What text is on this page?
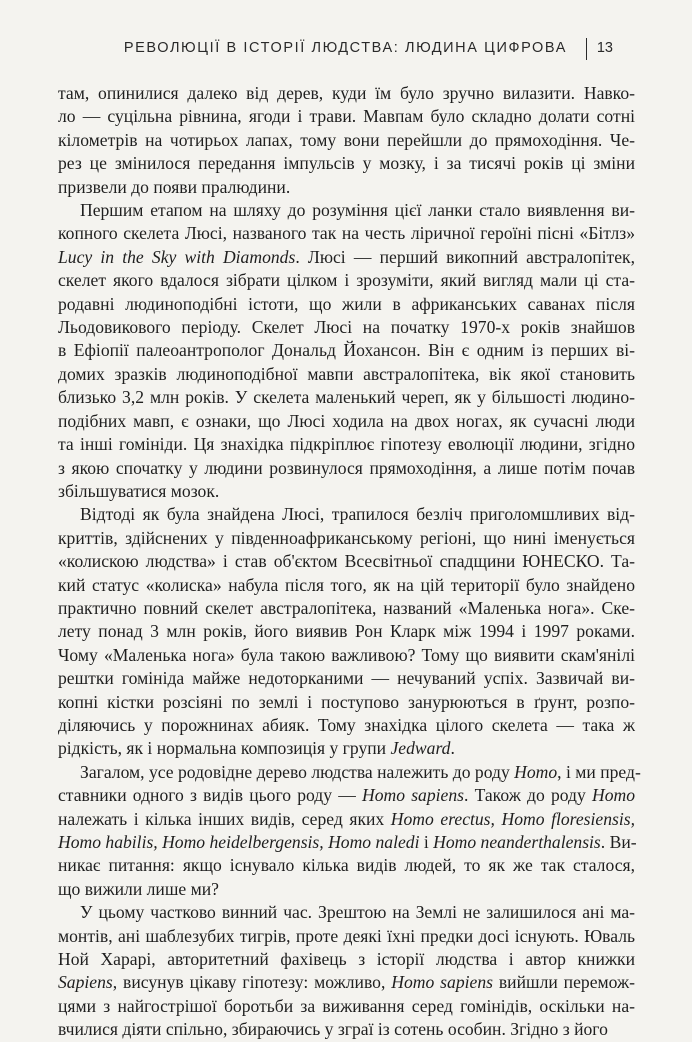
РЕВОЛЮЦІЇ В ІСТОРІЇ ЛЮДСТВА: ЛЮДИНА ЦИФРОВА 13

там, опинилися далеко від дерев, куди їм було зручно вилазити. Навко-
ло — суцільна рівнина, ягоди і трави. Мавпам було складно долати сотні
кілометрів на чотирьох лапах, тому вони перейшли до прямоходіння. Че-
рез це змінилося передання імпульсів у мозку, і за тисячі років ці зміни
призвели до появи пралюдини.

Першим етапом на шляху до розуміння цієї ланки стало виявлення ви-
копного скелета Люсі, названого так на честь ліричної героїні пісні «Бітлз»
Lucy in the Sky with Diamonds. Люсі — перший викопний австралопітек,
скелет якого вдалося зібрати цілком і зрозуміти, який вигляд мали ці ста-
родавні людиноподібні істоти, що жили в африканських саванах після
Льодовикового періоду. Скелет Люсі на початку 1970-х років знайшов
в Ефіопії палеоантрополог Дональд Йохансон. Він є одним із перших ві-
домих зразків людиноподібної мавпи австралопітека, вік якої становить
близько 3,2 млн років. У скелета маленький череп, як у більшості людино-
подібних мавп, є ознаки, що Люсі ходила на двох ногах, як сучасні люди
та інші гомініди. Ця знахідка підкріплює гіпотезу еволюції людини, згідно
з якою спочатку у людини розвинулося прямоходіння, а лише потім почав
збільшуватися мозок.

Відтоді як була знайдена Люсі, трапилося безліч приголомшливих від-
криттів, здійснених у південноафриканському регіоні, що нині іменується
«колискою людства» і став об'єктом Всесвітньої спадщини ЮНЕСКО. Та-
кий статус «колиска» набула після того, як на цій території було знайдено
практично повний скелет австралопітека, названий «Маленька нога». Ске-
лету понад 3 млн років, його виявив Рон Кларк між 1994 і 1997 роками.
Чому «Маленька нога» була такою важливою? Тому що виявити скам'янілі
рештки гомініда майже недоторканими — нечуваний успіх. Зазвичай ви-
копні кістки розсіяні по землі і поступово занурюються в ґрунт, розпо-
діляючись у порожнинах абияк. Тому знахідка цілого скелета — така ж
рідкість, як і нормальна композиція у групи Jedward.

Загалом, усе родовідне дерево людства належить до роду Homo, і ми пред-
ставники одного з видів цього роду — Homo sapiens. Також до роду Homo
належать і кілька інших видів, серед яких Homo erectus, Homo floresiensis,
Homo habilis, Homo heidelbergensis, Homo naledi і Homo neanderthalensis. Ви-
никає питання: якщо існувало кілька видів людей, то як же так сталося,
що вижили лише ми?

У цьому частково винний час. Зрештою на Землі не залишилося ані ма-
монтів, ані шаблезубих тигрів, проте деякі їхні предки досі існують. Юваль
Ной Харарі, авторитетний фахівець з історії людства і автор книжки
Sapiens, висунув цікаву гіпотезу: можливо, Homo sapiens вийшли перемож-
цями з найгострішої боротьби за виживання серед гомінідів, оскільки на-
вчилися діяти спільно, збираючись у зграї із сотень особин. Згідно з його
